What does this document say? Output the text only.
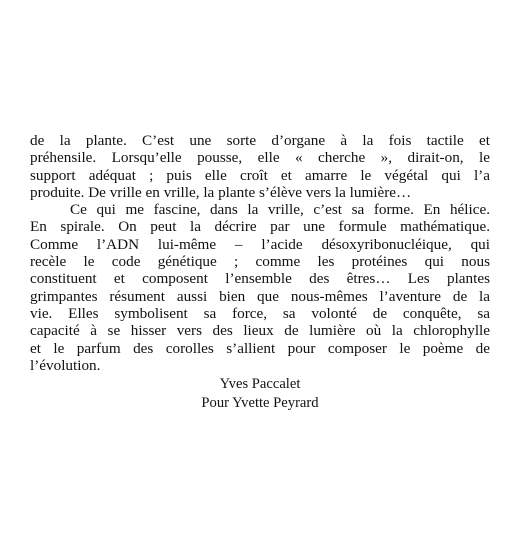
de la plante. C’est une sorte d’organe à la fois tactile et
préhensile. Lorsqu’elle pousse, elle « cherche », dirait-on, le
support adéquat ; puis elle croît et amarre le végétal qui l’a
produite. De vrille en vrille, la plante s’élève vers la lumière…
Ce qui me fascine, dans la vrille, c’est sa forme. En hélice.
En spirale. On peut la décrire par une formule mathématique.
Comme l’ADN lui-même – l’acide désoxyribonucléique, qui
recèle le code génétique ; comme les protéines qui nous
constituent et composent l’ensemble des êtres… Les plantes
grimpantes résument aussi bien que nous-mêmes l’aventure de la
vie. Elles symbolisent sa force, sa volonté de conquête, sa
capacité à se hisser vers des lieux de lumière où la chlorophylle
et le parfum des corolles s’allient pour composer le poème de
l’évolution.
Yves Paccalet
Pour Yvette Peyrard
